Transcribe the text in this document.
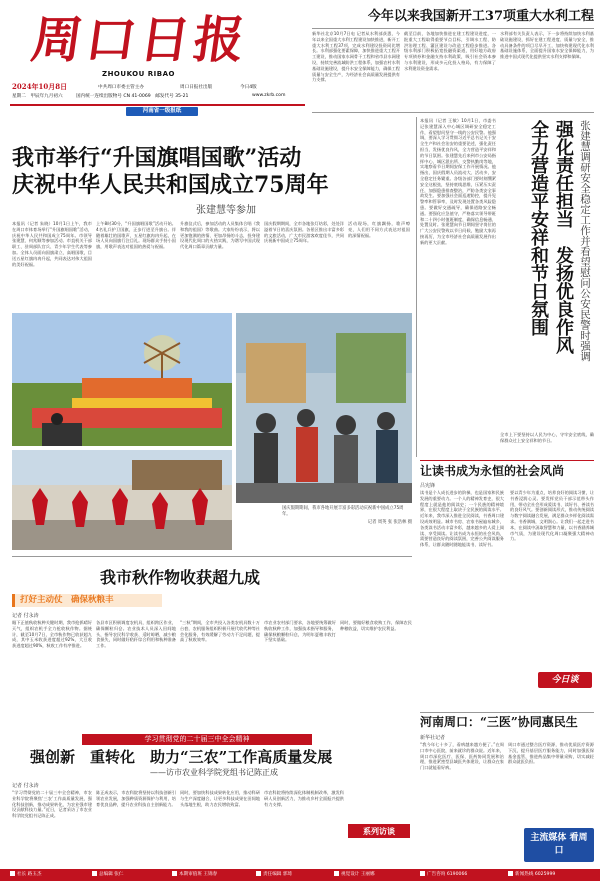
周口日报
ZHOUKOU RIBAO
2024年10月8日	中共周口市委主管主办	周口日报社出版	今日4版
星期二　甲辰年九月初六	国内统一连续出版物号 CN 41-0069　邮发代号 35-21	www.zkrb.com
河南省一级报纸
今年以来我国新开工37项重大水利工程
新华社北京10月7日电 记者从水利部获悉，今年以来全国重大水利工程建设加快推进，新开工重大水利工程37项，完成水利建设投资同比增长。水利部强化要素保障，加快推进重大工程开工建设，推动国家水网骨干工程和省市县水网建设，持续完善流域防洪工程体系，加强农村水利基础设施建设，提升水安全保障能力，确保工程质量与安全生产，为经济社会高质量发展提供有力支撑。
截至目前，各地加快推进在建工程建设进度，一批重大工程取得重要节点目标，引调水工程、防洪治理工程、灌区建设与改造工程稳步推进。各级水利部门积极拓宽投融资渠道，用好地方政府专项债券和金融支持水利政策，吸引社会资本参与水利建设，形成多元化投入格局，有力保障了水利建设资金需求。
水利部有关负责人表示，下一步将持续加快水利基础设施建设，抓好在建工程进度、质量与安全，推动具备条件的项目尽早开工，加快构建现代化水利基础设施体系，全面提升国家水安全保障能力，为推进中国式现代化提供坚实水利支撑和保障。
我市举行“升国旗唱国歌”活动
庆祝中华人民共和国成立75周年
张建慧等参加
本报讯（记者 朱晓）10月1日上午，我市在周口市体育场举行“升国旗唱国歌”活动，庆祝中华人民共和国成立75周年。市领导张建慧、何兆顺等参加活动。市直机关干部职工、驻周部队官兵、青少年学生代表等参加。全体人员面向国旗肃立，高唱国歌，目送五星红旗冉冉升起，共同表达对伟大祖国的美好祝福。
上午8时30分，“升国旗唱国歌”活动开始。4名礼兵护卫国旗，正步行进至升旗台。伴随着雄壮的国歌声，五星红旗冉冉升起，在场人员向国旗行注目礼。现场群众手持小国旗，用歌声表达对祖国的热爱与祝福。
升旗仪式后，参加活动的人员集体合唱《我和我的祖国》等歌曲。大家纷纷表示，将以更加饱满的热情、更加昂扬的斗志，投身建设现代化周口的火热实践，为谱写中国式现代化周口篇章贡献力量。
国庆假期期间，全市各地张灯结彩，处处洋溢着节日的喜庆氛围。各景区推出丰富多彩的文旅活动，广大市民游客欢度佳节，共同庆祝新中国成立75周年。
活动现场，红旗飘扬，歌声嘹亮，人们用不同方式表达对祖国的深情祝福。
国庆假期期间，我市各地开展丰富多彩活动庆祝新中国成立75周年。
记者 周英 张 张浩林 摄
本报讯（记者 王敏）10月1日，市委书记张建慧深入中心城区调研安全稳定工作，看望慰问坚守一线的公安民警。他强调，要深入学习贯彻习近平总书记关于安全生产和社会治安的重要论述，强化责任担当，发扬优良作风，全力营造平安祥和的节日氛围。张建慧先后来到市公安局指挥中心、城区派出所、交警执勤岗等地，实地察看节日期间安保工作开展情况。他指出，国庆假期人员流动大、活动多，安全稳定任务繁重。各级各部门要时刻绷紧安全这根弦，坚持底线思维，压紧压实责任，加强隐患排查整治，严防各类安全事故发生。要加强社会面巡逻防控，提升见警率和管事率，及时发现处置各类风险隐患。要做好交通疏导，确保道路安全畅通。要强化应急值守，严格落实领导带班和二十四小时值班制度，确保信息畅通、处置及时。张建慧向节日期间坚守岗位的广大公安民警致以节日问候，勉励大家再接再厉，为全市经济社会高质量发展作出新的更大贡献。	强化责任担当　发扬优良作风
全力营造平安祥和节日氛围	张建慧调研安全稳定工作并看望慰问公安民警时强调
全市上下要坚持以人民为中心，守牢安全底线，确保群众过上安全祥和的节日。
让读书成为永恒的社会风尚
吕宪锋
读书是个人成长进步的阶梯，也是国家和民族发展的重要动力。一个人的精神发育史，很大程度上就是他的阅读史；一个民族的精神境界，在很大程度上取决于全民族的阅读水平。近年来，我市深入推进全民阅读，书香周口建设成效明显。城市书房、农家书屋遍布城乡，各类读书活动丰富多彩，越来越多的人爱上阅读、享受阅读。让读书成为永恒的社会风尚，需要营造良好的阅读氛围，完善公共阅读服务体系，让群众随时随地能读书、读好书。
要以青少年为重点，培养良好的阅读习惯，让书香浸润心灵。要发挥党员干部示范带头作用，带动全社会形成爱读书、读好书、善读书的良好风气。要创新阅读形式，推动传统阅读与数字阅读融合发展，满足群众多样化阅读需求。书香满城，文明润心。让我们一起走进书本，在阅读中汲取智慧和力量，以书香涵养城市气质，为建设现代化周口凝聚强大精神动力。
今日谈
河南周口：“三医”协同惠民生
新华社记者
“我今年七十多了，看病越来越方便了。”在周口市中心医院，前来就诊的群众说。近年来，周口市深化医疗、医保、医药协同发展和治理，推进紧密型县域医共体建设，让群众在家门口就能看好病。
周口市通过整合医疗资源，推动优质医疗资源下沉，提升基层医疗服务能力，同时加强医保基金监管，推进药品集中带量采购，切实减轻群众就医负担。
主流媒体 看周口
我市秋作物收获超九成
打好主动仗　确保秋粮丰
记者 付永涛
眼下正值秋收秋种关键时期，我市抢抓晴好天气，组织农机手全力抢收秋作物。据统计，截至10月7日，全市秋作物已收获超九成，其中玉米收获进度超过92%，大豆收获进度超过90%，秋收工作有序推进。
各县市区积极调度农机具，组织跨区作业，确保颗粒归仓。农业技术人员深入田间地头，指导农民科学收获、适时晾晒，减少粮食损失，同时做好秸秆综合利用和秋种准备工作。
“三秋”期间，全市共投入各类农机具数十万台套，农机服务组织积极开展代收代种等社会化服务，有效缓解了劳动力不足问题，提高了秋收效率。
市农业农村部门要求，各地要统筹做好秋收秋种工作，加强技术指导和服务，确保秋粮颗粒归仓，为明年夏粮丰收打下坚实基础。
同时，要做好粮食收购工作，保障农民种粮收益，切实维护农民利益。
学习贯彻党的二十届三中全会精神
强创新　重转化　助力“三农”工作高质量发展
——访市农业科学院党组书记陈正成
记者 付永涛
“学习贯彻党的二十届三中全会精神，市农业科学院将聚焦‘三农’工作高质量发展，强化科技创新，推动成果转化，为农业强市建设贡献科技力量。”近日，记者采访了市农业科学院党组书记陈正成。
陈正成表示，市农科院将坚持以科技创新引领农业发展，加强种质资源保护与利用，培育优良品种，提升农业科技自主创新能力。
同时，要加快科技成果转化应用，推动科研与生产深度融合，让更多科技成果在田间地头落地生根，助力农民增收致富。
市农科院将持续深化体制机制改革，激发科研人员创新活力，为推动乡村全面振兴提供有力支撑。
系列访谈
社长 路玉杰	总编辑 张仁	本期审值班 王锦春	责任编辑 郭琦	视觉设计 王丽娜	广告咨询 6190066	新闻热线 6025999
